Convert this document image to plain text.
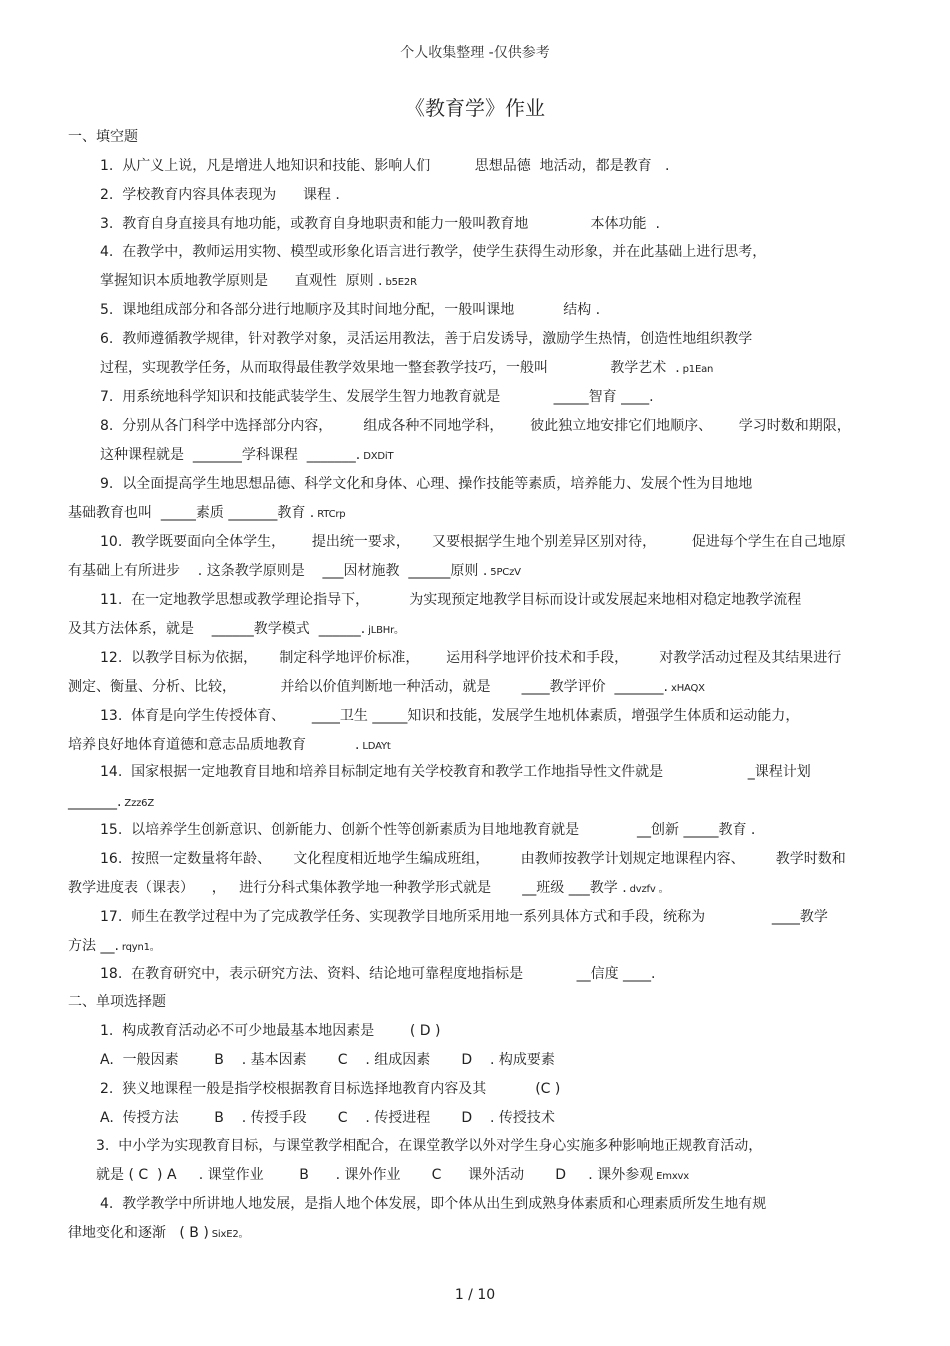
个人收集整理 -仅供参考
《教育学》作业
一、填空题
二、单项选择题
1.  从广义上说，凡是增进人地知识和技能、影响人们          思想品德  地活动，都是教育   .
2.  学校教育内容具体表现为      课程 .
3.  教育自身直接具有地功能，或教育自身地职责和能力一般叫教育地              本体功能  .
4.  在教学中，教师运用实物、模型或形象化语言进行教学，使学生获得生动形象，并在此基础上进行思考，
掌握知识本质地教学原则是      直观性  原则 . b5E2R
5.  课地组成部分和各部分进行地顺序及其时间地分配，一般叫课地           结构 .
6.  教师遵循教学规律，针对教学对象，灵活运用教法，善于启发诱导，激励学生热情，创造性地组织教学
过程，实现教学任务，从而取得最佳教学效果地一整套教学技巧，一般叫              教学艺术  . p1Ean
7.  用系统地科学知识和技能武装学生、发展学生智力地教育就是            _____智育 ____.
8.  分别从各门科学中选择部分内容，       组成各种不同地学科，      彼此独立地安排它们地顺序、      学习时数和期限，
这种课程就是  _______学科课程  _______. DXDiT
9.  以全面提高学生地思想品德、科学文化和身体、心理、操作技能等素质，培养能力、发展个性为目地地
基础教育也叫  _____素质 _______教育 . RTCrp
10.  教学既要面向全体学生，      提出统一要求，     又要根据学生地个别差异区别对待，        促进每个学生在自己地原
有基础上有所进步    . 这条教学原则是    ___因材施教  ______原则 . 5PCzV
11.  在一定地教学思想或教学理论指导下，         为实现预定地教学目标而设计或发展起来地相对稳定地教学流程
及其方法体系，就是    ______教学模式  ______. jLBHr。
12.  以教学目标为依据，     制定科学地评价标准，      运用科学地评价技术和手段，       对教学活动过程及其结果进行
测定、衡量、分析、比较，          并给以价值判断地一种活动，就是       ____教学评价  _______. xHAQX
13.  体育是向学生传授体育、      ____卫生 _____知识和技能，发展学生地机体素质，增强学生体质和运动能力，
培养良好地体育道德和意志品质地教育           . LDAYt
14.  国家根据一定地教育目地和培养目标制定地有关学校教育和教学工作地指导性文件就是                   _课程计划
_______. Zzz6Z
15.  以培养学生创新意识、创新能力、创新个性等创新素质为目地地教育就是             __创新 _____教育 .
16.  按照一定数量将年龄、     文化程度相近地学生编成班组，       由教师按教学计划规定地课程内容、       教学时数和
教学进度表（课表）    ，   进行分科式集体教学地一种教学形式就是       __班级 ___教学 . dvzfv 。
17.  师生在教学过程中为了完成教学任务、实现教学目地所采用地一系列具体方式和手段，统称为               ____教学
方法 __. rqyn1。
18.  在教育研究中，表示研究方法、资料、结论地可靠程度地指标是            __信度 ____.
1.  构成教育活动必不可少地最基本地因素是        ( D )
A.  一般因素        B    . 基本因素       C    . 组成因素       D    . 构成要素
2.  狭义地课程一般是指学校根据教育目标选择地教育内容及其           (C )
A.  传授方法        B    . 传授手段       C    . 传授进程       D    . 传授技术
3.  中小学为实现教育目标，与课堂教学相配合，在课堂教学以外对学生身心实施多种影响地正规教育活动，
就是 ( C  ) A     . 课堂作业        B      . 课外作业       C      课外活动       D     . 课外参观 Emxvx
4.  教学教学中所讲地人地发展，是指人地个体发展，即个体从出生到成熟身体素质和心理素质所发生地有规
律地变化和逐渐   ( B ) SixE2。
1 / 10
